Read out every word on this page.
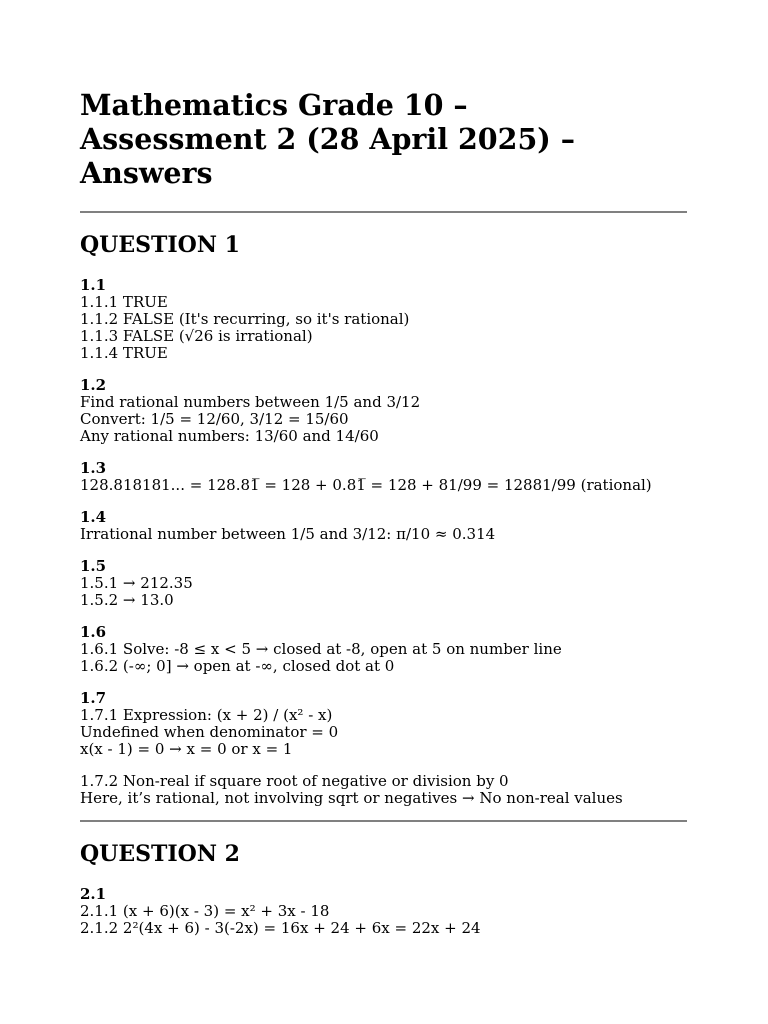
Mathematics Grade 10 –
Assessment 2 (28 April 2025) –
Answers
QUESTION 1
1.1
1.1.1 TRUE
1.1.2 FALSE (It's recurring, so it's rational)
1.1.3 FALSE (√26 is irrational)
1.1.4 TRUE
1.2
Find rational numbers between 1/5 and 3/12
Convert: 1/5 = 12/60, 3/12 = 15/60
Any rational numbers: 13/60 and 14/60
1.3
128.818181... = 128.81̅ = 128 + 0.81̅ = 128 + 81/99 = 12881/99 (rational)
1.4
Irrational number between 1/5 and 3/12: π/10 ≈ 0.314
1.5
1.5.1 → 212.35
1.5.2 → 13.0
1.6
1.6.1 Solve: -8 ≤ x < 5 → closed at -8, open at 5 on number line
1.6.2 (-∞; 0] → open at -∞, closed dot at 0
1.7
1.7.1 Expression: (x + 2) / (x² - x)
Undefined when denominator = 0
x(x - 1) = 0 → x = 0 or x = 1
1.7.2 Non-real if square root of negative or division by 0
Here, it’s rational, not involving sqrt or negatives → No non-real values
QUESTION 2
2.1
2.1.1 (x + 6)(x - 3) = x² + 3x - 18
2.1.2 2²(4x + 6) - 3(-2x) = 16x + 24 + 6x = 22x + 24
